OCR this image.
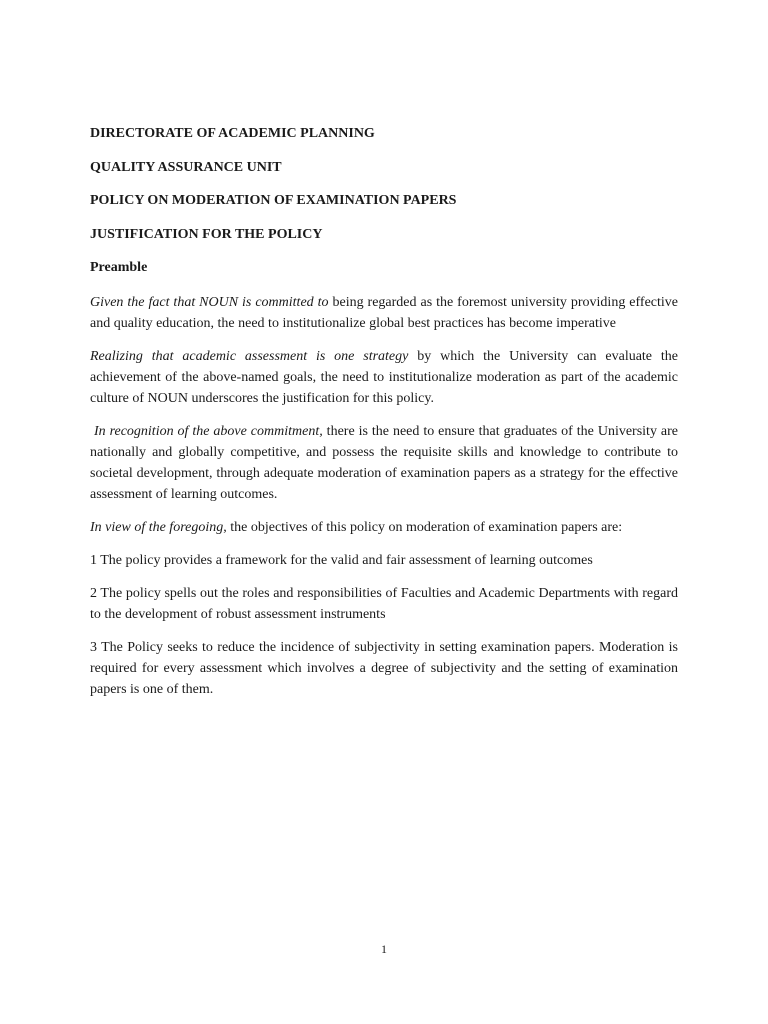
DIRECTORATE OF ACADEMIC PLANNING
QUALITY ASSURANCE UNIT
POLICY ON MODERATION OF EXAMINATION PAPERS
JUSTIFICATION FOR THE POLICY
Preamble

Given the fact that NOUN is committed to being regarded as the foremost university providing effective and quality education, the need to institutionalize global best practices has become imperative

Realizing that academic assessment is one strategy by which the University can evaluate the achievement of the above-named goals, the need to institutionalize moderation as part of the academic culture of NOUN underscores the justification for this policy.

In recognition of the above commitment, there is the need to ensure that graduates of the University are nationally and globally competitive, and possess the requisite skills and knowledge to contribute to societal development, through adequate moderation of examination papers as a strategy for the effective assessment of learning outcomes.

In view of the foregoing, the objectives of this policy on moderation of examination papers are:

1 The policy provides a framework for the valid and fair assessment of learning outcomes

2 The policy spells out the roles and responsibilities of Faculties and Academic Departments with regard to the development of robust assessment instruments

3 The Policy seeks to reduce the incidence of subjectivity in setting examination papers. Moderation is required for every assessment which involves a degree of subjectivity and the setting of examination papers is one of them.

1
